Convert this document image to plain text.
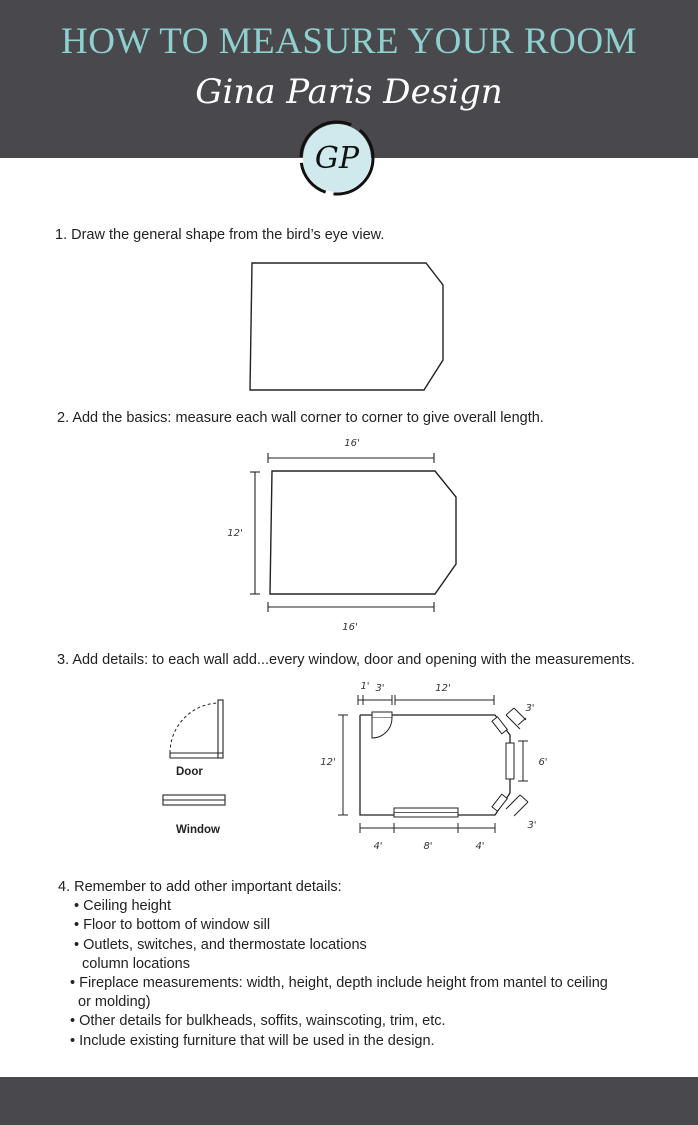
HOW TO MEASURE YOUR ROOM
Gina Paris Design
GP
1. Draw the general shape from the bird’s eye view.
2. Add the basics: measure each wall corner to corner to give overall length.
16'
12'
16'
3. Add details: to each wall add...every window, door and opening with the measurements.
Door
Window
1' 3'	12'
12'
3'
6'
3'
4'	8'	4'
4. Remember to add other important details:
• Ceiling height
• Floor to bottom of window sill
• Outlets, switches, and thermostate locations
column locations
• Fireplace measurements: width, height, depth include height from mantel to ceiling
or molding)
• Other details for bulkheads, soffits, wainscoting, trim, etc.
• Include existing furniture that will be used in the design.
